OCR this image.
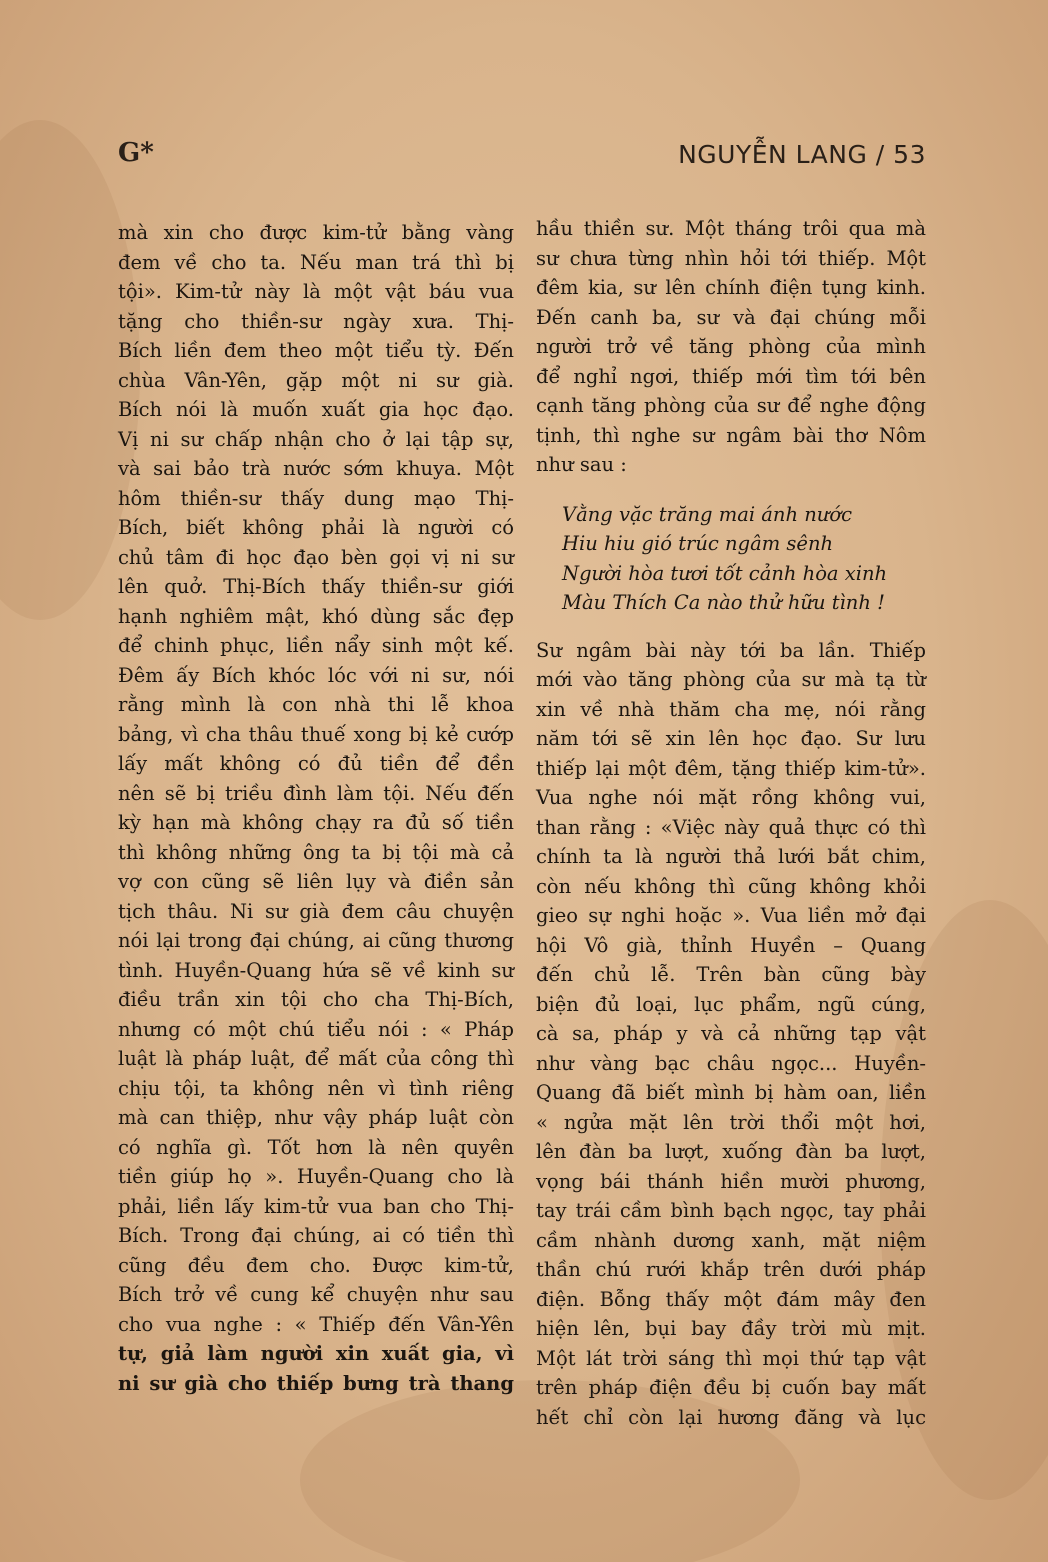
G*	NGUYỄN LANG / 53
mà xin cho được kim-tử bằng vàng
đem về cho ta. Nếu man trá thì bị
tội». Kim-tử này là một vật báu vua
tặng cho thiền-sư ngày xưa. Thị-
Bích liền đem theo một tiểu tỳ. Đến
chùa Vân-Yên, gặp một ni sư già.
Bích nói là muốn xuất gia học đạo.
Vị ni sư chấp nhận cho ở lại tập sự,
và sai bảo trà nước sớm khuya. Một
hôm thiền-sư thấy dung mạo Thị-
Bích, biết không phải là người có
chủ tâm đi học đạo bèn gọi vị ni sư
lên quở. Thị-Bích thấy thiền-sư giới
hạnh nghiêm mật, khó dùng sắc đẹp
để chinh phục, liền nẩy sinh một kế.
Đêm ấy Bích khóc lóc với ni sư, nói
rằng mình là con nhà thi lễ khoa
bảng, vì cha thâu thuế xong bị kẻ cướp
lấy mất không có đủ tiền để đền
nên sẽ bị triều đình làm tội. Nếu đến
kỳ hạn mà không chạy ra đủ số tiền
thì không những ông ta bị tội mà cả
vợ con cũng sẽ liên lụy và điền sản
tịch thâu. Ni sư già đem câu chuyện
nói lại trong đại chúng, ai cũng thương
tình. Huyền-Quang hứa sẽ về kinh sư
điều trần xin tội cho cha Thị-Bích,
nhưng có một chú tiểu nói : « Pháp
luật là pháp luật, để mất của công thì
chịu tội, ta không nên vì tình riêng
mà can thiệp, như vậy pháp luật còn
có nghĩa gì. Tốt hơn là nên quyên
tiền giúp họ ». Huyền-Quang cho là
phải, liền lấy kim-tử vua ban cho Thị-
Bích. Trong đại chúng, ai có tiền thì
cũng đều đem cho. Được kim-tử,
Bích trở về cung kể chuyện như sau
cho vua nghe : « Thiếp đến Vân-Yên
tự, giả làm người xin xuất gia, vì
ni sư già cho thiếp bưng trà thang
hầu thiền sư. Một tháng trôi qua mà
sư chưa từng nhìn hỏi tới thiếp. Một
đêm kia, sư lên chính điện tụng kinh.
Đến canh ba, sư và đại chúng mỗi
người trở về tăng phòng của mình
để nghỉ ngơi, thiếp mới tìm tới bên
cạnh tăng phòng của sư để nghe động
tịnh, thì nghe sư ngâm bài thơ Nôm
như sau :
Vằng vặc trăng mai ánh nước
Hiu hiu gió trúc ngâm sênh
Người hòa tươi tốt cảnh hòa xinh
Màu Thích Ca nào thử hữu tình !
Sư ngâm bài này tới ba lần. Thiếp
mới vào tăng phòng của sư mà tạ từ
xin về nhà thăm cha mẹ, nói rằng
năm tới sẽ xin lên học đạo. Sư lưu
thiếp lại một đêm, tặng thiếp kim-tử».
Vua nghe nói mặt rồng không vui,
than rằng : «Việc này quả thực có thì
chính ta là người thả lưới bắt chim,
còn nếu không thì cũng không khỏi
gieo sự nghi hoặc ». Vua liền mở đại
hội Vô già, thỉnh Huyền – Quang
đến chủ lễ. Trên bàn cũng bày
biện đủ loại, lục phẩm, ngũ cúng,
cà sa, pháp y và cả những tạp vật
như vàng bạc châu ngọc... Huyền-
Quang đã biết mình bị hàm oan, liền
« ngửa mặt lên trời thổi một hơi,
lên đàn ba lượt, xuống đàn ba lượt,
vọng bái thánh hiền mười phương,
tay trái cầm bình bạch ngọc, tay phải
cầm nhành dương xanh, mặt niệm
thần chú rưới khắp trên dưới pháp
điện. Bỗng thấy một đám mây đen
hiện lên, bụi bay đầy trời mù mịt.
Một lát trời sáng thì mọi thứ tạp vật
trên pháp điện đều bị cuốn bay mất
hết chỉ còn lại hương đăng và lục
